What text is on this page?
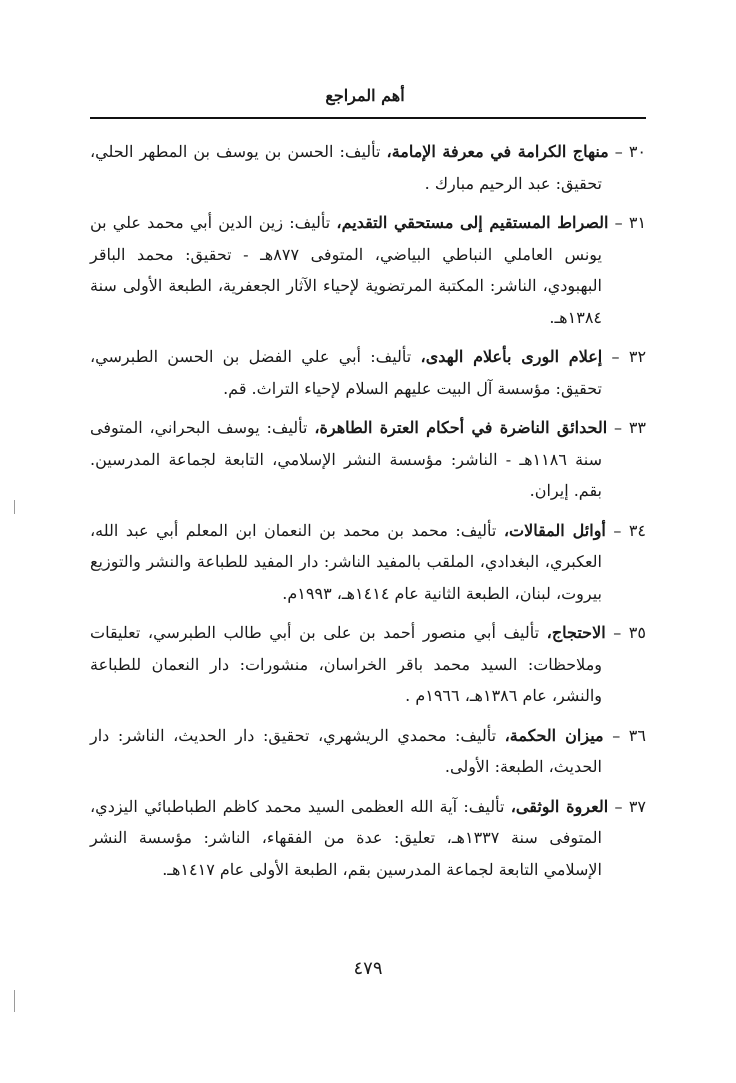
أهم المراجع

٣٠ – منهاج الكرامة في معرفة الإمامة، تأليف: الحسن بن يوسف بن المطهر الحلي، تحقيق: عبد الرحيم مبارك .

٣١ – الصراط المستقيم إلى مستحقي التقديم، تأليف: زين الدين أبي محمد علي بن يونس العاملي النباطي البياضي، المتوفى ٨٧٧هـ - تحقيق: محمد الباقر البهبودي، الناشر: المكتبة المرتضوية لإحياء الآثار الجعفرية، الطبعة الأولى سنة ١٣٨٤هـ.

٣٢ – إعلام الورى بأعلام الهدى، تأليف: أبي علي الفضل بن الحسن الطبرسي، تحقيق: مؤسسة آل البيت عليهم السلام لإحياء التراث. قم.

٣٣ – الحدائق الناضرة في أحكام العترة الطاهرة، تأليف: يوسف البحراني، المتوفى سنة ١١٨٦هـ - الناشر: مؤسسة النشر الإسلامي، التابعة لجماعة المدرسين. بقم. إيران.

٣٤ – أوائل المقالات، تأليف: محمد بن محمد بن النعمان ابن المعلم أبي عبد الله، العكبري، البغدادي، الملقب بالمفيد الناشر: دار المفيد للطباعة والنشر والتوزيع بيروت، لبنان، الطبعة الثانية عام ١٤١٤هـ، ١٩٩٣م.

٣٥ – الاحتجاج، تأليف أبي منصور أحمد بن على بن أبي طالب الطبرسي، تعليقات وملاحظات: السيد محمد باقر الخراسان، منشورات: دار النعمان للطباعة والنشر، عام ١٣٨٦هـ، ١٩٦٦م .

٣٦ – ميزان الحكمة، تأليف: محمدي الريشهري، تحقيق: دار الحديث، الناشر: دار الحديث، الطبعة: الأولى.

٣٧ – العروة الوثقى، تأليف: آية الله العظمى السيد محمد كاظم الطباطبائي اليزدي، المتوفى سنة ١٣٣٧هـ، تعليق: عدة من الفقهاء، الناشر: مؤسسة النشر الإسلامي التابعة لجماعة المدرسين بقم، الطبعة الأولى عام ١٤١٧هـ.

٤٧٩
